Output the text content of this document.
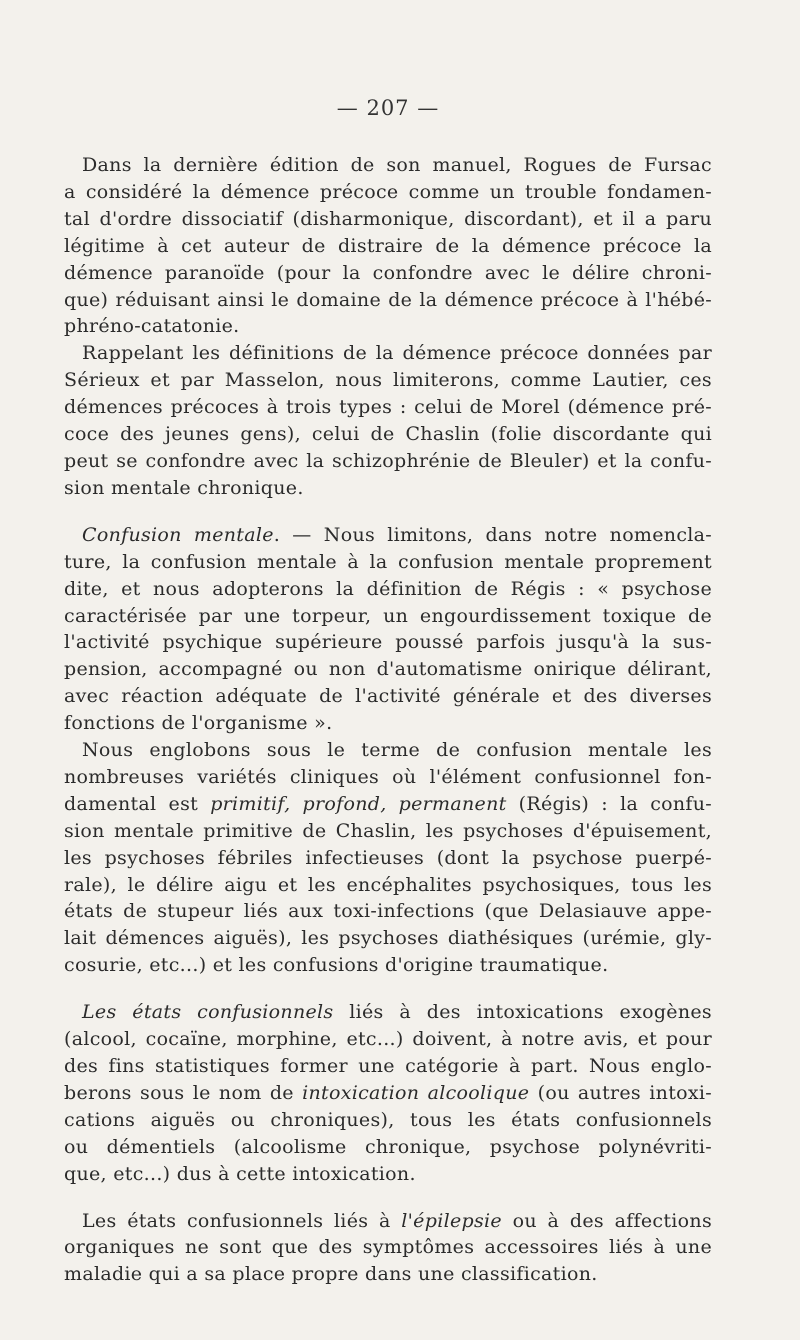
— 207 —

Dans la dernière édition de son manuel, Rogues de Fursac
a considéré la démence précoce comme un trouble fondamen-
tal d'ordre dissociatif (disharmonique, discordant), et il a paru
légitime à cet auteur de distraire de la démence précoce la
démence paranoïde (pour la confondre avec le délire chroni-
que) réduisant ainsi le domaine de la démence précoce à l'hébé-
phréno-catatonie.

Rappelant les définitions de la démence précoce données par
Sérieux et par Masselon, nous limiterons, comme Lautier, ces
démences précoces à trois types : celui de Morel (démence pré-
coce des jeunes gens), celui de Chaslin (folie discordante qui
peut se confondre avec la schizophrénie de Bleuler) et la confu-
sion mentale chronique.

Confusion mentale. — Nous limitons, dans notre nomencla-
ture, la confusion mentale à la confusion mentale proprement
dite, et nous adopterons la définition de Régis : « psychose
caractérisée par une torpeur, un engourdissement toxique de
l'activité psychique supérieure poussé parfois jusqu'à la sus-
pension, accompagné ou non d'automatisme onirique délirant,
avec réaction adéquate de l'activité générale et des diverses
fonctions de l'organisme ».

Nous englobons sous le terme de confusion mentale les
nombreuses variétés cliniques où l'élément confusionnel fon-
damental est primitif, profond, permanent (Régis) : la confu-
sion mentale primitive de Chaslin, les psychoses d'épuisement,
les psychoses fébriles infectieuses (dont la psychose puerpé-
rale), le délire aigu et les encéphalites psychosiques, tous les
états de stupeur liés aux toxi-infections (que Delasiauve appe-
lait démences aiguës), les psychoses diathésiques (urémie, gly-
cosurie, etc...) et les confusions d'origine traumatique.

Les états confusionnels liés à des intoxications exogènes
(alcool, cocaïne, morphine, etc...) doivent, à notre avis, et pour
des fins statistiques former une catégorie à part. Nous englo-
berons sous le nom de intoxication alcoolique (ou autres intoxi-
cations aiguës ou chroniques), tous les états confusionnels
ou démentiels (alcoolisme chronique, psychose polynévriti-
que, etc...) dus à cette intoxication.

Les états confusionnels liés à l'épilepsie ou à des affections
organiques ne sont que des symptômes accessoires liés à une
maladie qui a sa place propre dans une classification.
